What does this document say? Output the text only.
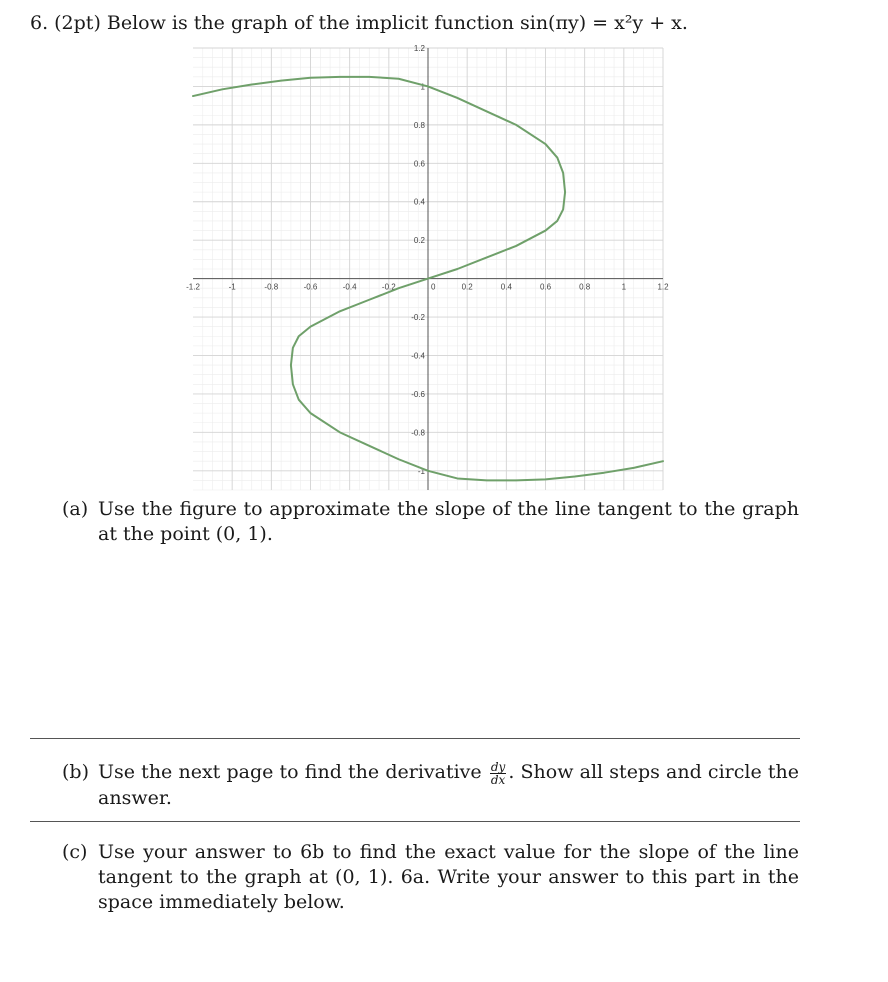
6. (2pt) Below is the graph of the implicit function sin(πy) = x²y + x.
-1.2	-1	-0.8	-0.6	-0.4	-0.2	0.2	0.4	0.6	0.8	1	1.2
1.2
1
0.8
0.6
0.4
0.2
-0.2
-0.4
-0.6
-0.8
-1
0
(a) Use the figure to approximate the slope of the line tangent to the graph at the point (0, 1).
(b) Use the next page to find the derivative $\frac{dy}{dx}$ . Show all steps and circle the answer.
(c) Use your answer to 6b to find the exact value for the slope of the line tangent to the graph at (0, 1). 6a. Write your answer to this part in the space immediately below.
